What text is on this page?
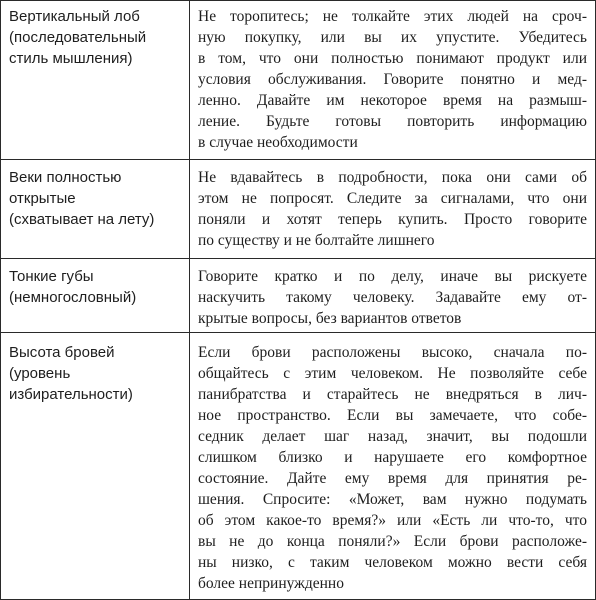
Вертикальный лоб
(последовательный
стиль мышления)
Не торопитесь; не толкайте этих людей на сроч-
ную покупку, или вы их упустите. Убедитесь
в том, что они полностью понимают продукт или
условия обслуживания. Говорите понятно и мед-
ленно. Давайте им некоторое время на размыш-
ление. Будьте готовы повторить информацию
в случае необходимости
Веки полностью
открытые
(схватывает на лету)
Не вдавайтесь в подробности, пока они сами об
этом не попросят. Следите за сигналами, что они
поняли и хотят теперь купить. Просто говорите
по существу и не болтайте лишнего
Тонкие губы
(немногословный)
Говорите кратко и по делу, иначе вы рискуете
наскучить такому человеку. Задавайте ему от-
крытые вопросы, без вариантов ответов
Высота бровей
(уровень
избирательности)
Если брови расположены высоко, сначала по-
общайтесь с этим человеком. Не позволяйте себе
панибратства и старайтесь не внедряться в лич-
ное пространство. Если вы замечаете, что собе-
седник делает шаг назад, значит, вы подошли
слишком близко и нарушаете его комфортное
состояние. Дайте ему время для принятия ре-
шения. Спросите: «Может, вам нужно подумать
об этом какое-то время?» или «Есть ли что-то, что
вы не до конца поняли?» Если брови расположе-
ны низко, с таким человеком можно вести себя
более непринужденно
